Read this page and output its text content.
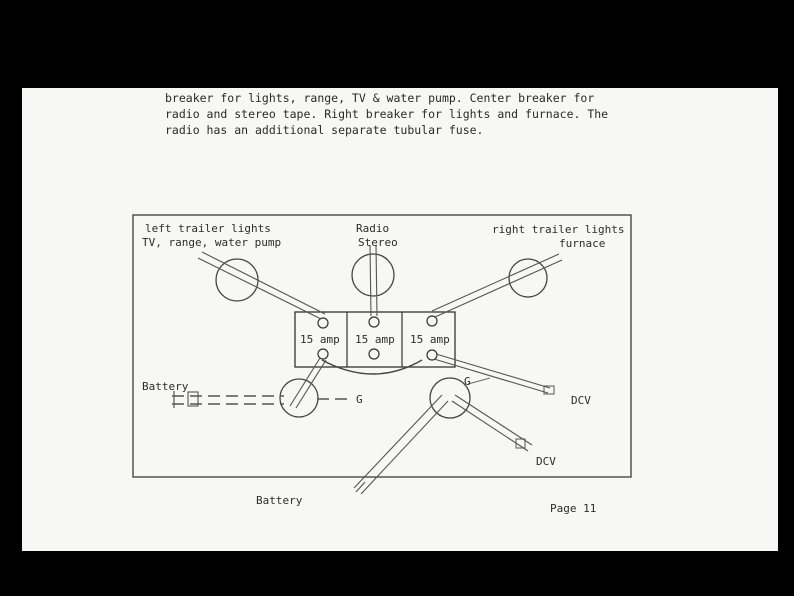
breaker for lights, range, TV & water pump. Center breaker for
radio and stereo tape. Right breaker for lights and furnace. The
radio has an additional separate tubular fuse.

left trailer lights
TV, range, water pump
Radio
Stereo
right trailer lights
furnace
15 amp 15 amp 15 amp
Battery
G
G
DCV
DCV
Battery
Page 11
